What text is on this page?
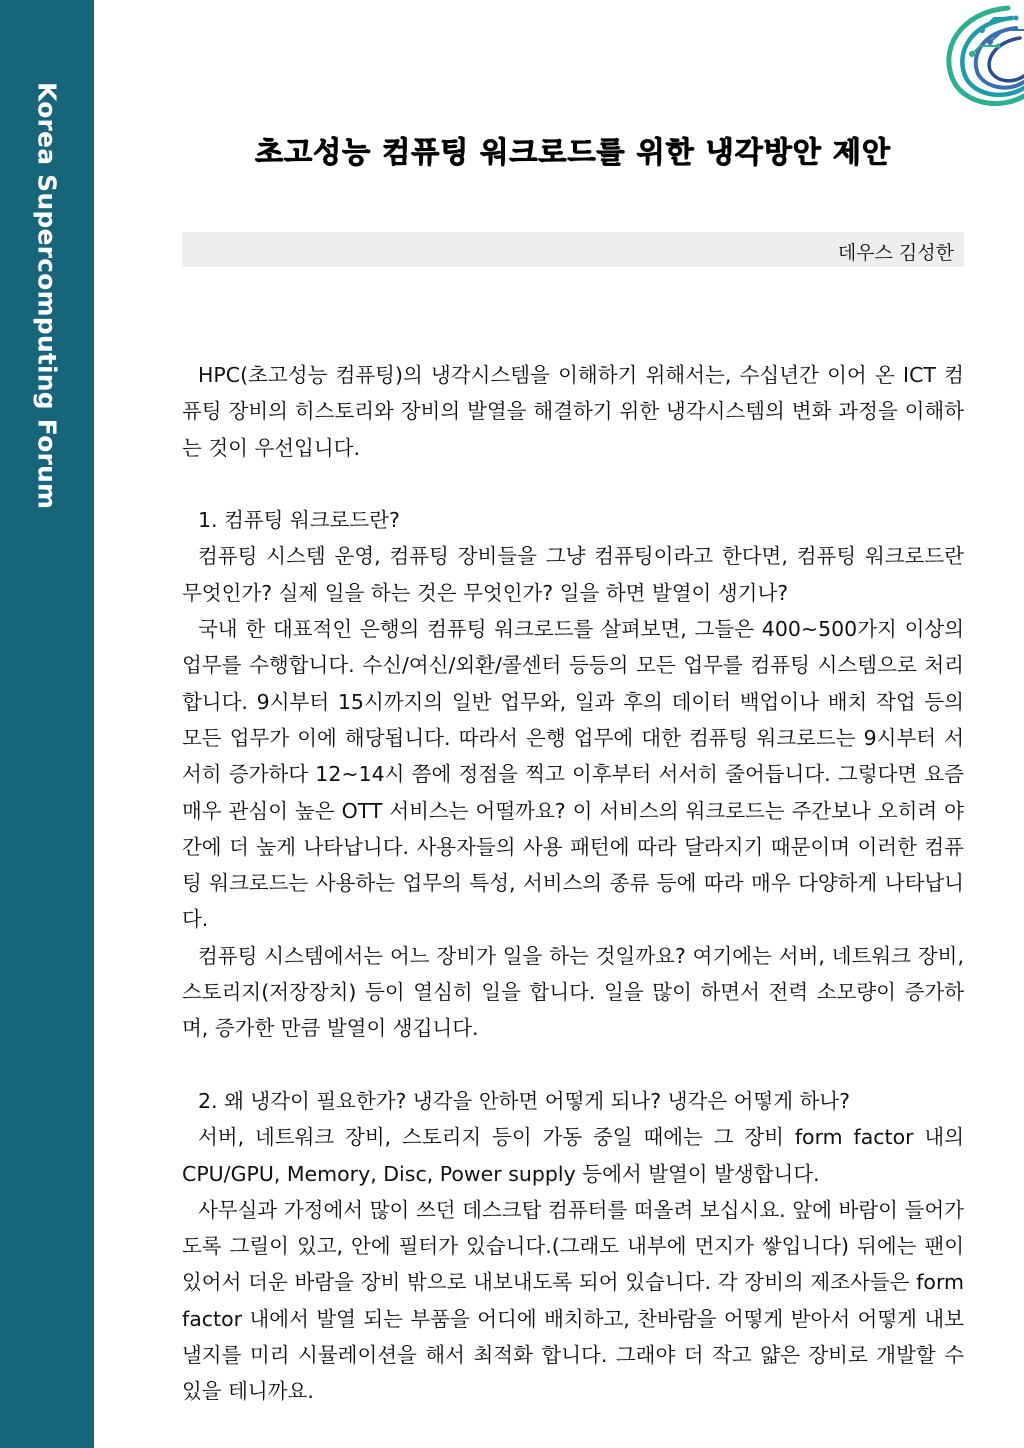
Korea Supercomputing Forum	초고성능 컴퓨팅 워크로드를 위한 냉각방안 제안
데우스 김성한

HPC(초고성능 컴퓨팅)의 냉각시스템을 이해하기 위해서는, 수십년간 이어 온 ICT 컴퓨팅 장비의 히스토리와 장비의 발열을 해결하기 위한 냉각시스템의 변화 과정을 이해하는 것이 우선입니다.

1. 컴퓨팅 워크로드란?

컴퓨팅 시스템 운영, 컴퓨팅 장비들을 그냥 컴퓨팅이라고 한다면, 컴퓨팅 워크로드란 무엇인가? 실제 일을 하는 것은 무엇인가? 일을 하면 발열이 생기나?

국내 한 대표적인 은행의 컴퓨팅 워크로드를 살펴보면, 그들은 400~500가지 이상의 업무를 수행합니다. 수신/여신/외환/콜센터 등등의 모든 업무를 컴퓨팅 시스템으로 처리합니다. 9시부터 15시까지의 일반 업무와, 일과 후의 데이터 백업이나 배치 작업 등의 모든 업무가 이에 해당됩니다. 따라서 은행 업무에 대한 컴퓨팅 워크로드는 9시부터 서서히 증가하다 12~14시 쯤에 정점을 찍고 이후부터 서서히 줄어듭니다. 그렇다면 요즘 매우 관심이 높은 OTT 서비스는 어떨까요? 이 서비스의 워크로드는 주간보나 오히려 야간에 더 높게 나타납니다. 사용자들의 사용 패턴에 따라 달라지기 때문이며 이러한 컴퓨팅 워크로드는 사용하는 업무의 특성, 서비스의 종류 등에 따라 매우 다양하게 나타납니다.

컴퓨팅 시스템에서는 어느 장비가 일을 하는 것일까요? 여기에는 서버, 네트워크 장비, 스토리지(저장장치) 등이 열심히 일을 합니다. 일을 많이 하면서 전력 소모량이 증가하며, 증가한 만큼 발열이 생깁니다.

2. 왜 냉각이 필요한가? 냉각을 안하면 어떻게 되나? 냉각은 어떻게 하나?

서버, 네트워크 장비, 스토리지 등이 가동 중일 때에는 그 장비 form factor 내의 CPU/GPU, Memory, Disc, Power supply 등에서 발열이 발생합니다.

사무실과 가정에서 많이 쓰던 데스크탑 컴퓨터를 떠올려 보십시요. 앞에 바람이 들어가도록 그릴이 있고, 안에 필터가 있습니다.(그래도 내부에 먼지가 쌓입니다) 뒤에는 팬이 있어서 더운 바람을 장비 밖으로 내보내도록 되어 있습니다. 각 장비의 제조사들은 form factor 내에서 발열 되는 부품을 어디에 배치하고, 찬바람을 어떻게 받아서 어떻게 내보낼지를 미리 시뮬레이션을 해서 최적화 합니다. 그래야 더 작고 얇은 장비로 개발할 수 있을 테니까요.
